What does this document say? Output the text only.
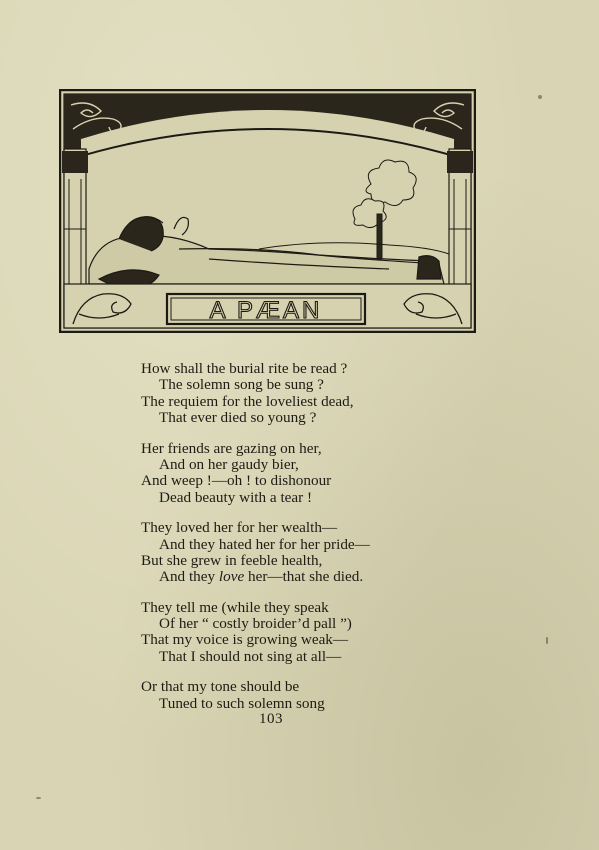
A PÆAN
How shall the burial rite be read ?
The solemn song be sung ?
The requiem for the loveliest dead,
That ever died so young ?
Her friends are gazing on her,
And on her gaudy bier,
And weep !—oh ! to dishonour
Dead beauty with a tear !
They loved her for her wealth—
And they hated her for her pride—
But she grew in feeble health,
And they love her—that she died.
They tell me (while they speak
Of her “ costly broider’d pall ”)
That my voice is growing weak—
That I should not sing at all—
Or that my tone should be
Tuned to such solemn song
103
